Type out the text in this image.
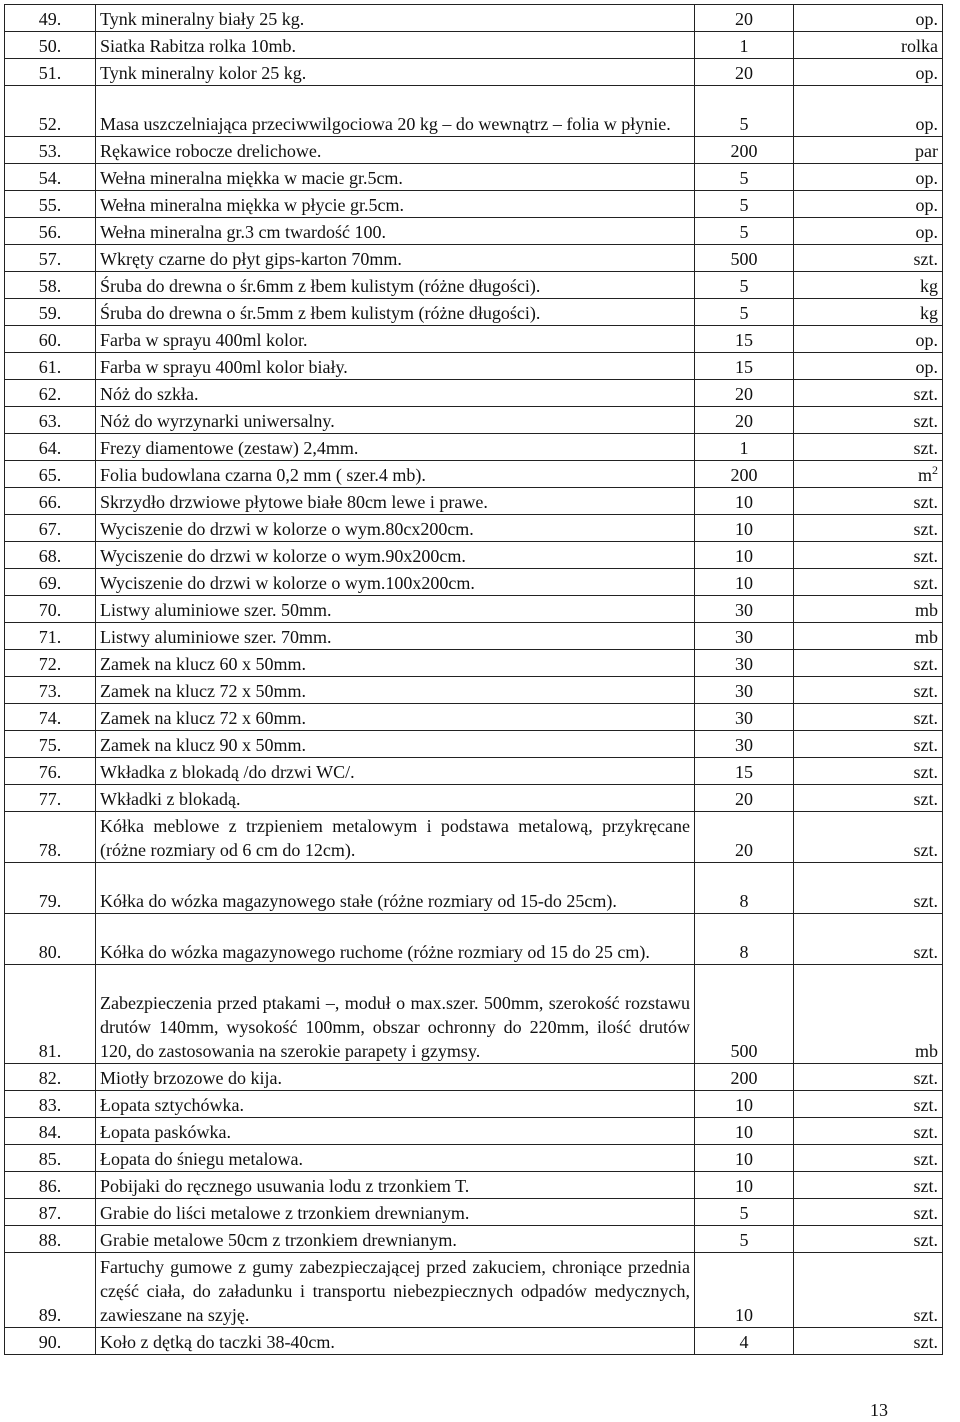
49.	Tynk mineralny biały 25 kg.	20	op.
50.	Siatka Rabitza rolka 10mb.	1	rolka
51.	Tynk mineralny kolor 25 kg.	20	op.
52.	Masa uszczelniająca przeciwwilgociowa 20 kg – do wewnątrz – folia w płynie.	5	op.
53.	Rękawice robocze drelichowe.	200	par
54.	Wełna mineralna miękka w macie gr.5cm.	5	op.
55.	Wełna mineralna miękka w płycie gr.5cm.	5	op.
56.	Wełna mineralna gr.3 cm twardość 100.	5	op.
57.	Wkręty czarne do płyt gips-karton 70mm.	500	szt.
58.	Śruba do drewna o śr.6mm z łbem kulistym (różne długości).	5	kg
59.	Śruba do drewna o śr.5mm z łbem kulistym (różne długości).	5	kg
60.	Farba w sprayu 400ml kolor.	15	op.
61.	Farba w sprayu 400ml kolor biały.	15	op.
62.	Nóż do szkła.	20	szt.
63.	Nóż do wyrzynarki uniwersalny.	20	szt.
64.	Frezy diamentowe (zestaw) 2,4mm.	1	szt.
65.	Folia budowlana czarna 0,2 mm ( szer.4 mb).	200	$m^2$
66.	Skrzydło drzwiowe płytowe białe 80cm lewe i prawe.	10	szt.
67.	Wyciszenie do drzwi w kolorze o wym.80cx200cm.	10	szt.
68.	Wyciszenie do drzwi w kolorze o wym.90x200cm.	10	szt.
69.	Wyciszenie do drzwi w kolorze o wym.100x200cm.	10	szt.
70.	Listwy aluminiowe szer. 50mm.	30	mb
71.	Listwy aluminiowe szer. 70mm.	30	mb
72.	Zamek na klucz 60 x 50mm.	30	szt.
73.	Zamek na klucz 72 x 50mm.	30	szt.
74.	Zamek na klucz 72 x 60mm.	30	szt.
75.	Zamek na klucz 90 x 50mm.	30	szt.
76.	Wkładka z blokadą /do drzwi WC/.	15	szt.
77.	Wkładki z blokadą.	20	szt.
78.	Kółka meblowe z trzpieniem metalowym i podstawa metalową, przykręcane (różne rozmiary od 6 cm do 12cm).	20	szt.
79.	Kółka do wózka magazynowego stałe (różne rozmiary od 15-do 25cm).	8	szt.
80.	Kółka do wózka magazynowego ruchome (różne rozmiary od 15 do 25 cm).	8	szt.
81.	Zabezpieczenia przed ptakami –, moduł o max.szer. 500mm, szerokość rozstawu drutów 140mm, wysokość 100mm, obszar ochronny do 220mm, ilość drutów 120, do zastosowania na szerokie parapety i gzymsy.	500	mb
82.	Miotły brzozowe do kija.	200	szt.
83.	Łopata sztychówka.	10	szt.
84.	Łopata paskówka.	10	szt.
85.	Łopata do śniegu metalowa.	10	szt.
86.	Pobijaki do ręcznego usuwania lodu z trzonkiem T.	10	szt.
87.	Grabie do liści metalowe z trzonkiem drewnianym.	5	szt.
88.	Grabie metalowe 50cm z trzonkiem drewnianym.	5	szt.
89.	Fartuchy gumowe z gumy zabezpieczającej przed zakuciem, chroniące przednia część ciała, do załadunku i transportu niebezpiecznych odpadów medycznych, zawieszane na szyję.	10	szt.
90.	Koło z dętką do taczki 38-40cm.	4	szt.
13
